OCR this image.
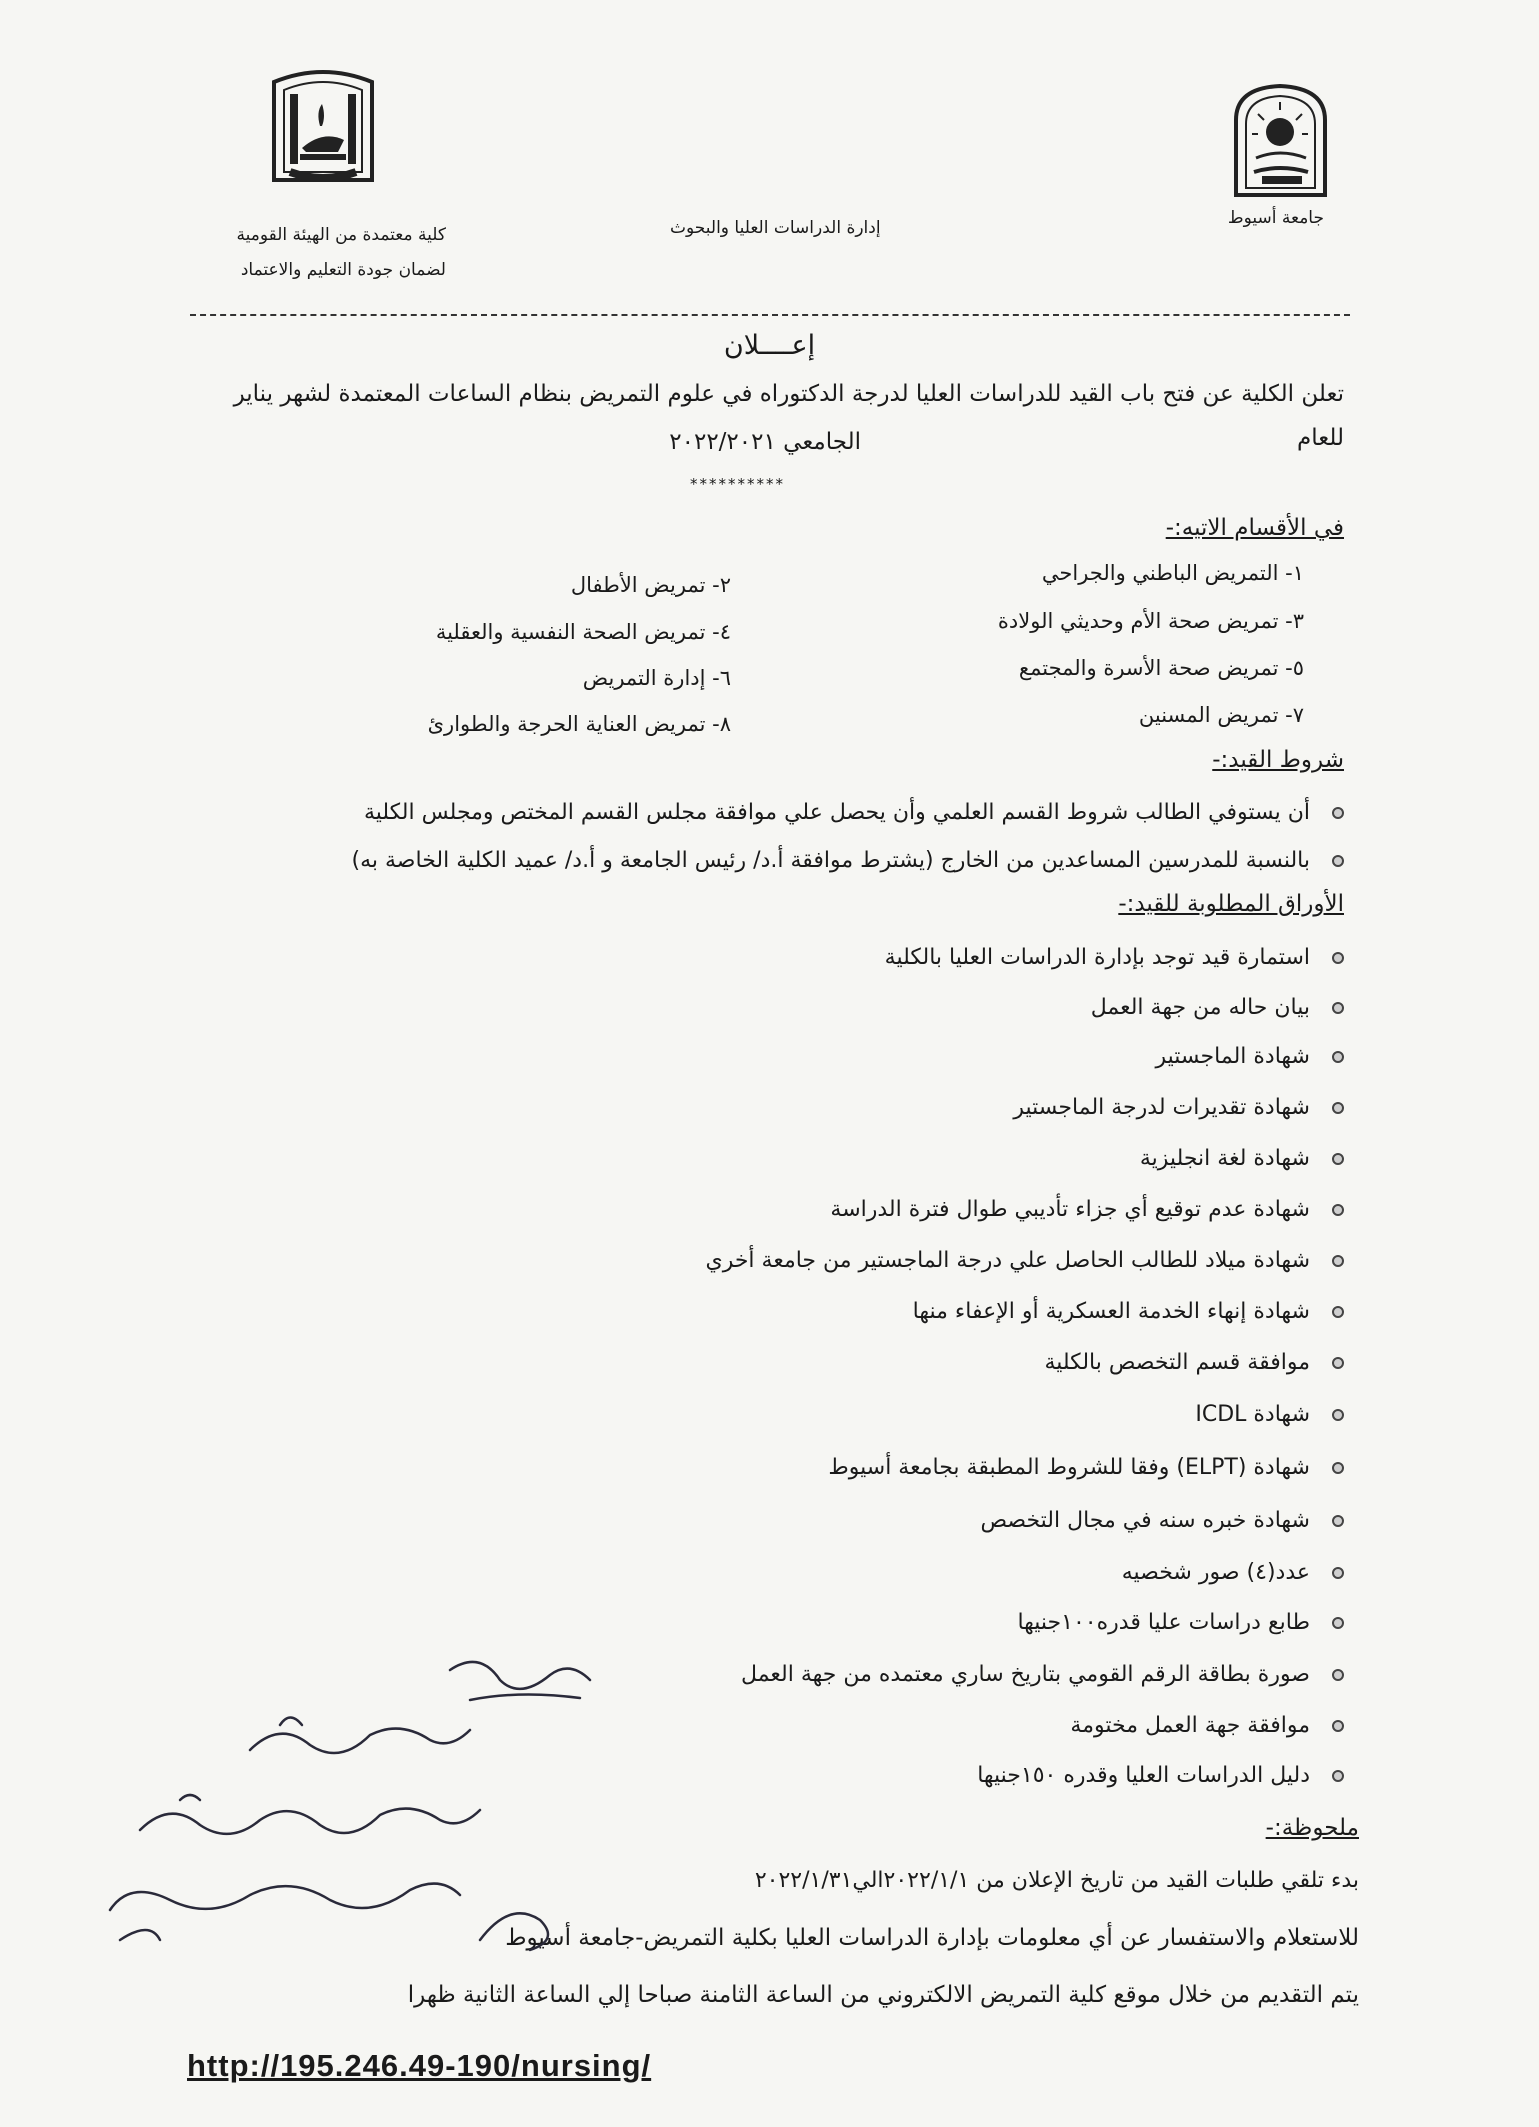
جامعة أسيوط
إدارة الدراسات العليا والبحوث
كلية معتمدة من الهيئة القومية
لضمان جودة التعليم والاعتماد
إعــــلان
تعلن الكلية عن فتح باب القيد للدراسات العليا لدرجة الدكتوراه في علوم التمريض بنظام الساعات المعتمدة لشهر يناير للعام
الجامعي ٢٠٢٢/٢٠٢١
**********
في الأقسام الاتيه:-
١- التمريض الباطني والجراحي
٢- تمريض الأطفال
٣- تمريض صحة الأم وحديثي الولادة
٤- تمريض الصحة النفسية والعقلية
٥- تمريض صحة الأسرة والمجتمع
٦- إدارة التمريض
٧- تمريض المسنين
٨- تمريض العناية الحرجة والطوارئ
شروط القيد:-
أن يستوفي الطالب شروط القسم العلمي وأن يحصل علي موافقة مجلس القسم المختص ومجلس الكلية
بالنسبة للمدرسين المساعدين من الخارج (يشترط موافقة أ.د/ رئيس الجامعة و أ.د/ عميد الكلية الخاصة به)
الأوراق المطلوبة للقيد:-
استمارة قيد توجد بإدارة الدراسات العليا بالكلية
بيان حاله من جهة العمل
شهادة الماجستير
شهادة تقديرات لدرجة الماجستير
شهادة لغة انجليزية
شهادة عدم توقيع أي جزاء تأديبي طوال فترة الدراسة
شهادة ميلاد للطالب الحاصل علي درجة الماجستير من جامعة أخري
شهادة إنهاء الخدمة العسكرية أو الإعفاء منها
موافقة قسم التخصص بالكلية
شهادة ICDL
شهادة (ELPT) وفقا للشروط المطبقة بجامعة أسيوط
شهادة خبره سنه في مجال التخصص
عدد(٤) صور شخصيه
طابع دراسات عليا قدره١٠٠جنيها
صورة بطاقة الرقم القومي بتاريخ ساري معتمده من جهة العمل
موافقة جهة العمل مختومة
دليل الدراسات العليا وقدره ١٥٠جنيها
ملحوظة:-
بدء تلقي طلبات القيد من تاريخ الإعلان من ٢٠٢٢/١/١الي٢٠٢٢/١/٣١
للاستعلام والاستفسار عن أي معلومات بإدارة الدراسات العليا بكلية التمريض-جامعة أسيوط
يتم التقديم من خلال موقع كلية التمريض الالكتروني من الساعة الثامنة صباحا إلي الساعة الثانية ظهرا
http://195.246.49-190/nursing/
